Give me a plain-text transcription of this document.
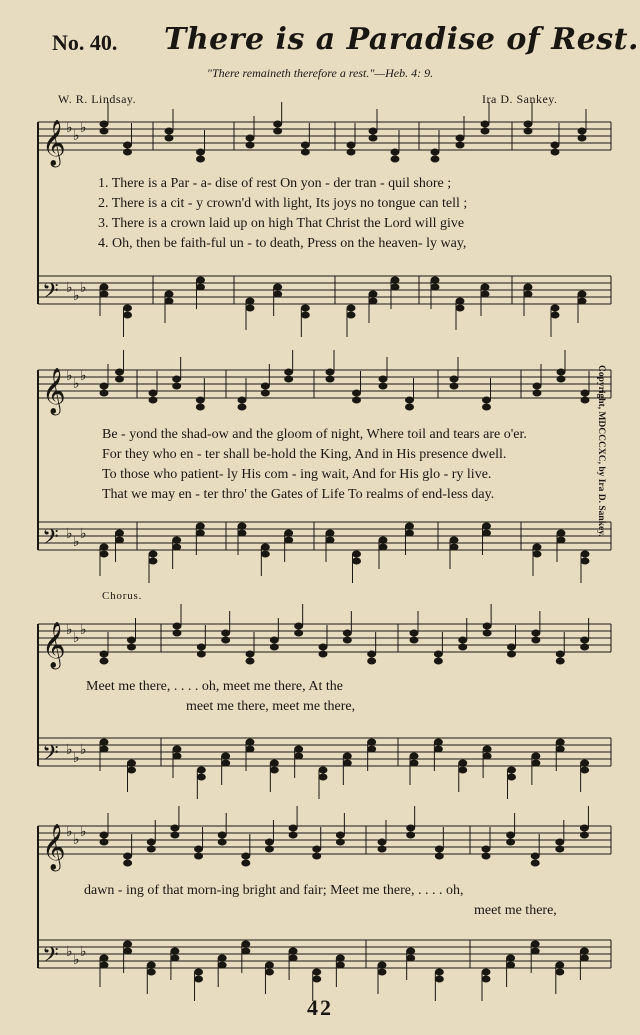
No. 40. There is a Paradise of Rest.
"There remaineth therefore a rest."—Heb. 4: 9.
W. R. Lindsay.	Ira D. Sankey.
𝄞 ♭ ♭ ♭
𝄢 ♭ ♭ ♭
𝄞 ♭ ♭ ♭
𝄢 ♭ ♭ ♭
𝄞 ♭ ♭ ♭
𝄢 ♭ ♭ ♭
𝄞 ♭ ♭ ♭
𝄢 ♭ ♭ ♭
1. There is a Par - a- dise of rest On yon - der tran - quil shore ;
2. There is a cit - y crown'd with light, Its joys no tongue can tell ;
3. There is a crown laid up on high That Christ the Lord will give
4. Oh, then be faith-ful un - to death, Press on the heaven- ly way,
Be - yond the shad-ow and the gloom of night, Where toil and tears are o'er.
For they who en - ter shall be-hold the King, And in His presence dwell.
To those who patient- ly His com - ing wait, And for His glo - ry live.
That we may en - ter thro' the Gates of Life To realms of end-less day.
Chorus.
Meet me there, . . . . oh, meet me there, At the
meet me there, meet me there,
dawn - ing of that morn-ing bright and fair; Meet me there, . . . . oh,
meet me there,
Copyright, MDCCCXC, by Ira D. Sankey.
42
